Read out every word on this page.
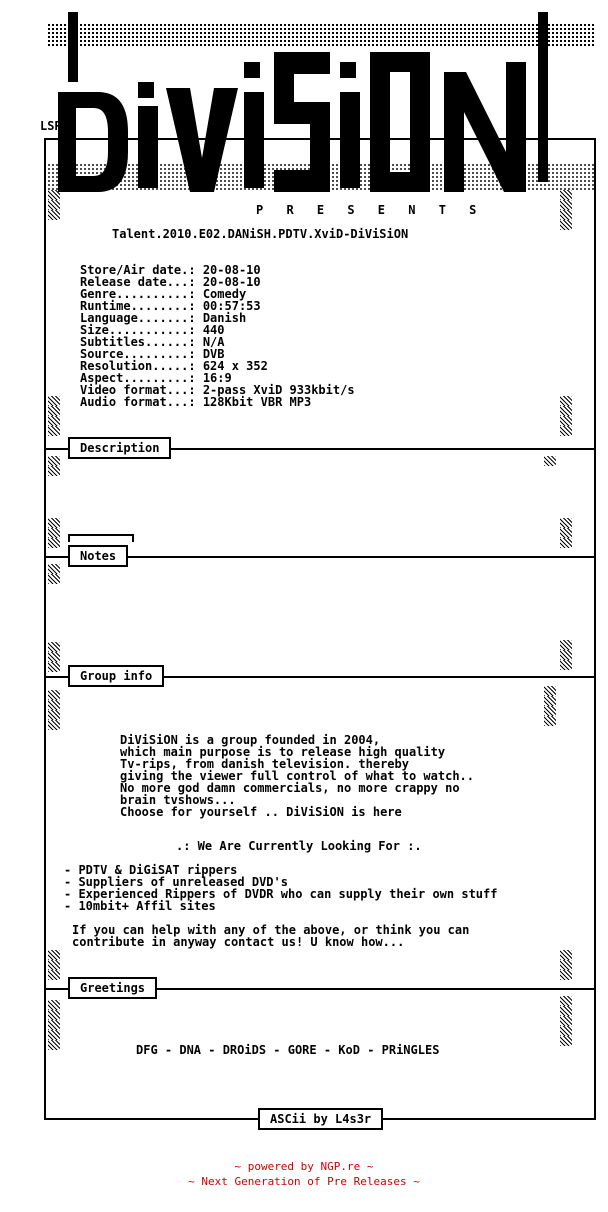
LSR
P R E S E N T S
Talent.2010.E02.DANiSH.PDTV.XviD-DiViSiON
Store/Air date.: 20-08-10
Release date...: 20-08-10
Genre..........: Comedy
Runtime........: 00:57:53
Language.......: Danish
Size...........: 440
Subtitles......: N/A
Source.........: DVB
Resolution.....: 624 x 352
Aspect.........: 16:9
Video format...: 2-pass XviD 933kbit/s
Audio format...: 128Kbit VBR MP3
Description
Notes
Group info
DiViSiON is a group founded in 2004,
which main purpose is to release high quality
Tv-rips, from danish television. thereby
giving the viewer full control of what to watch..
No more god damn commercials, no more crappy no
brain tvshows...
Choose for yourself .. DiViSiON is here
.: We Are Currently Looking For :.
- PDTV & DiGiSAT rippers
- Suppliers of unreleased DVD's
- Experienced Rippers of DVDR who can supply their own stuff
- 10mbit+ Affil sites
If you can help with any of the above, or think you can
contribute in anyway contact us! U know how...
Greetings
DFG - DNA - DROiDS - GORE - KoD - PRiNGLES
ASCii by L4s3r
~ powered by NGP.re ~
~ Next Generation of Pre Releases ~
